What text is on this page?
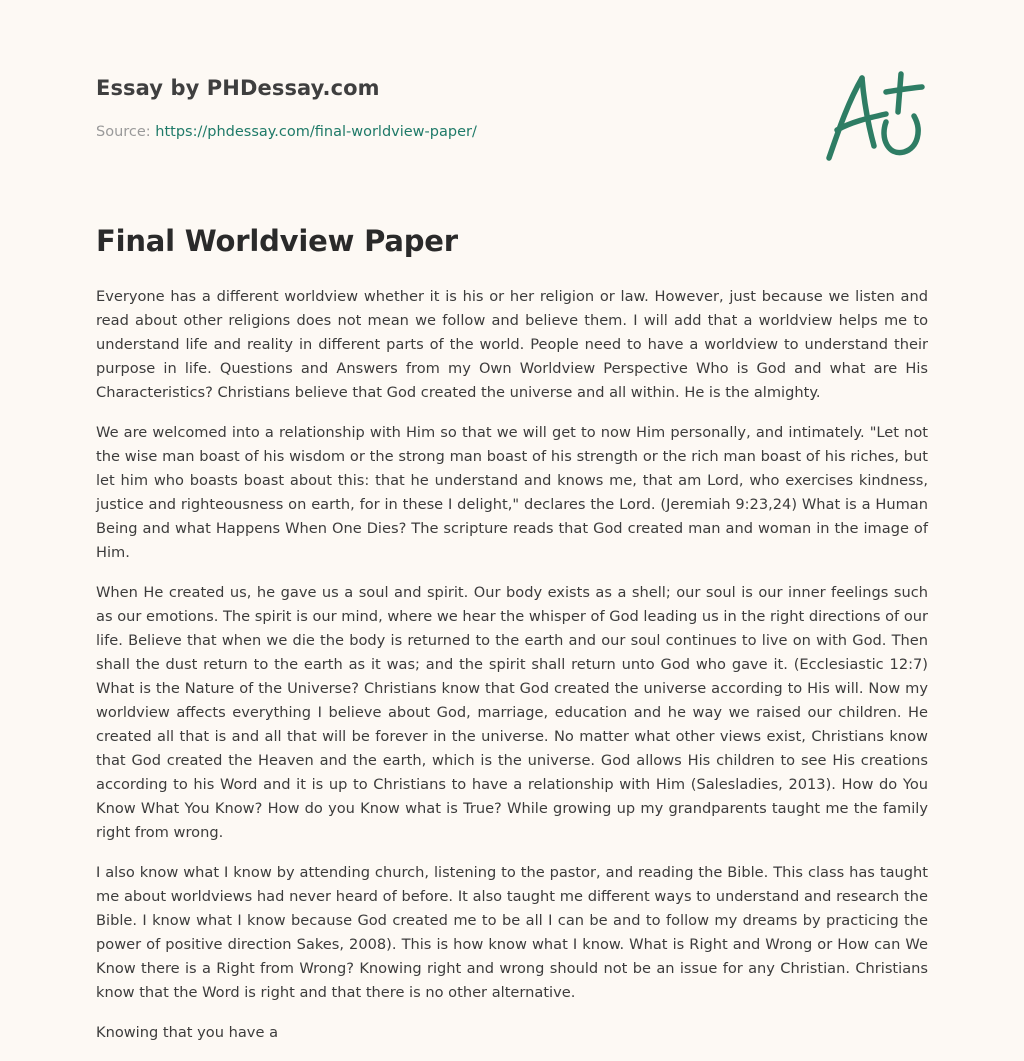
Essay by PHDessay.com
Source: https://phdessay.com/final-worldview-paper/
Final Worldview Paper

Everyone has a different worldview whether it is his or her religion or law. However, just because we listen and read about other religions does not mean we follow and believe them. I will add that a worldview helps me to understand life and reality in different parts of the world. People need to have a worldview to understand their purpose in life. Questions and Answers from my Own Worldview Perspective Who is God and what are His Characteristics? Christians believe that God created the universe and all within. He is the almighty.

We are welcomed into a relationship with Him so that we will get to now Him personally, and intimately. "Let not the wise man boast of his wisdom or the strong man boast of his strength or the rich man boast of his riches, but let him who boasts boast about this: that he understand and knows me, that am Lord, who exercises kindness, justice and righteousness on earth, for in these I delight," declares the Lord. (Jeremiah 9:23,24) What is a Human Being and what Happens When One Dies? The scripture reads that God created man and woman in the image of Him.

When He created us, he gave us a soul and spirit. Our body exists as a shell; our soul is our inner feelings such as our emotions. The spirit is our mind, where we hear the whisper of God leading us in the right directions of our life. Believe that when we die the body is returned to the earth and our soul continues to live on with God. Then shall the dust return to the earth as it was; and the spirit shall return unto God who gave it. (Ecclesiastic 12:7) What is the Nature of the Universe? Christians know that God created the universe according to His will. Now my worldview affects everything I believe about God, marriage, education and he way we raised our children. He created all that is and all that will be forever in the universe. No matter what other views exist, Christians know that God created the Heaven and the earth, which is the universe. God allows His children to see His creations according to his Word and it is up to Christians to have a relationship with Him (Salesladies, 2013). How do You Know What You Know? How do you Know what is True? While growing up my grandparents taught me the family right from wrong.

I also know what I know by attending church, listening to the pastor, and reading the Bible. This class has taught me about worldviews had never heard of before. It also taught me different ways to understand and research the Bible. I know what I know because God created me to be all I can be and to follow my dreams by practicing the power of positive direction Sakes, 2008). This is how know what I know. What is Right and Wrong or How can We Know there is a Right from Wrong? Knowing right and wrong should not be an issue for any Christian. Christians know that the Word is right and that there is no other alternative.

Knowing that you have a
